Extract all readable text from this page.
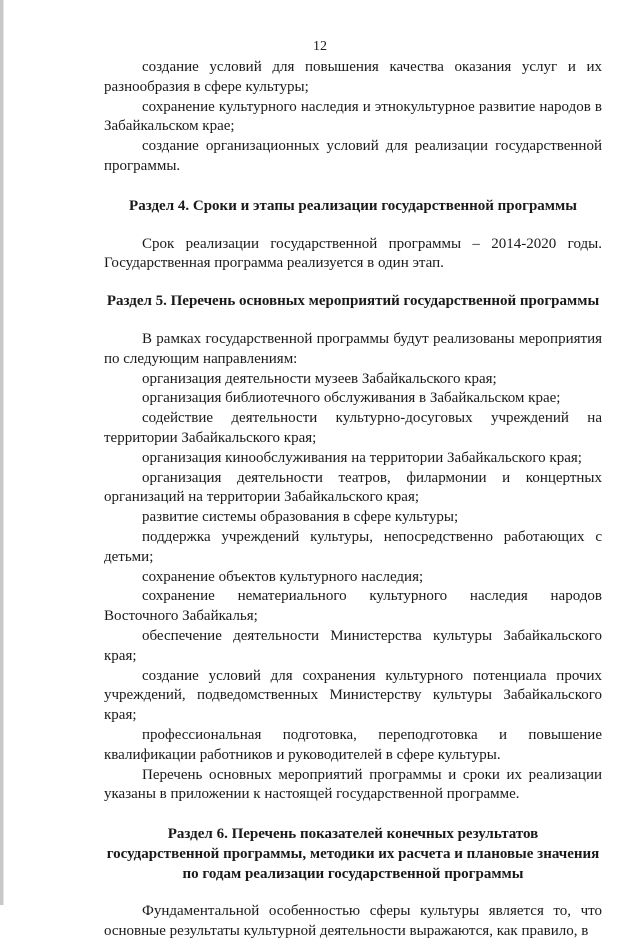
12

создание условий для повышения качества оказания услуг и их разнообразия в сфере культуры;

сохранение культурного наследия и этнокультурное развитие народов в Забайкальском крае;

создание организационных условий для реализации государственной программы.

Раздел 4. Сроки и этапы реализации государственной программы

Срок реализации государственной программы – 2014-2020 годы. Государственная программа реализуется в один этап.

Раздел 5. Перечень основных мероприятий государственной программы

В рамках государственной программы будут реализованы мероприятия по следующим направлениям:

организация деятельности музеев Забайкальского края;

организация библиотечного обслуживания в Забайкальском крае;

содействие деятельности культурно-досуговых учреждений на территории Забайкальского края;

организация кинообслуживания на территории Забайкальского края;

организация деятельности театров, филармонии и концертных организаций на территории Забайкальского края;

развитие системы образования в сфере культуры;

поддержка учреждений культуры, непосредственно работающих с детьми;

сохранение объектов культурного наследия;

сохранение нематериального культурного наследия народов Восточного Забайкалья;

обеспечение деятельности Министерства культуры Забайкальского края;

создание условий для сохранения культурного потенциала прочих учреждений, подведомственных Министерству культуры Забайкальского края;

профессиональная подготовка, переподготовка и повышение квалификации работников и руководителей в сфере культуры.

Перечень основных мероприятий программы и сроки их реализации указаны в приложении к настоящей государственной программе.

Раздел 6. Перечень показателей конечных результатов

государственной программы, методики их расчета и плановые значения

по годам реализации государственной программы

Фундаментальной особенностью сферы культуры является то, что основные результаты культурной деятельности выражаются, как правило, в
